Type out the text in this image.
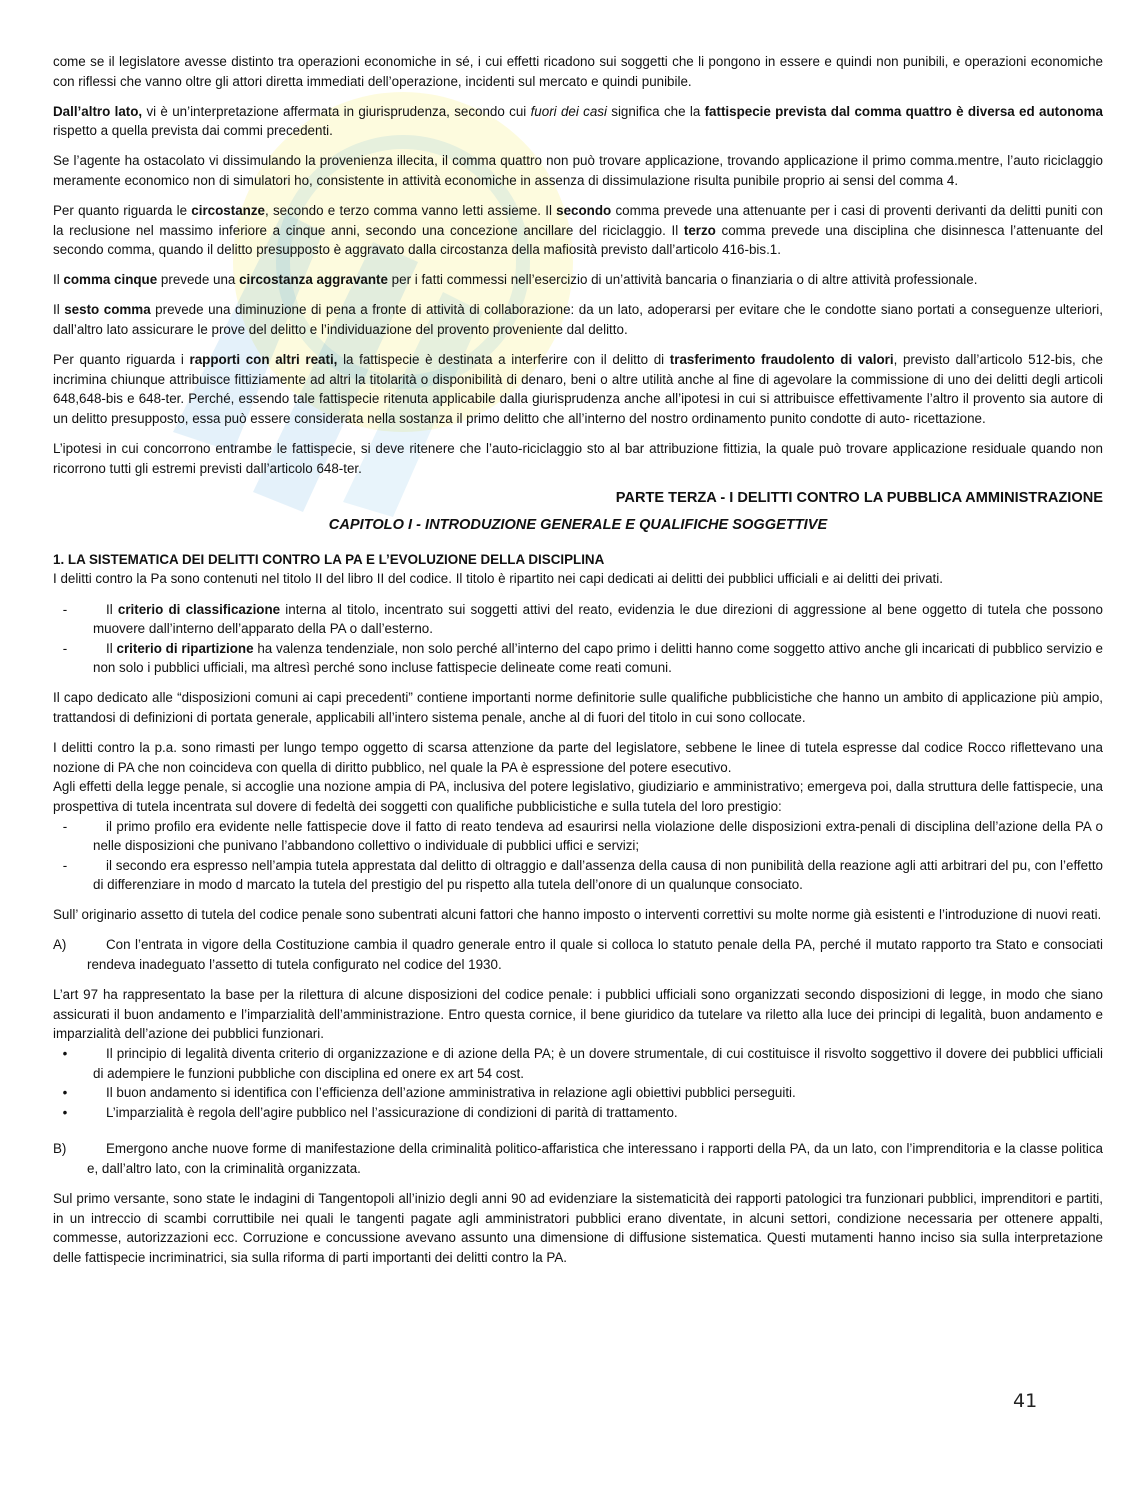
come se il legislatore avesse distinto tra operazioni economiche in sé, i cui effetti ricadono sui soggetti che li pongono in essere e quindi non punibili, e operazioni economiche con riflessi che vanno oltre gli attori diretta immediati dell’operazione, incidenti sul mercato e quindi punibile.

Dall’altro lato, vi è un’interpretazione affermata in giurisprudenza, secondo cui fuori dei casi significa che la fattispecie prevista dal comma quattro è diversa ed autonoma rispetto a quella prevista dai commi precedenti.

Se l’agente ha ostacolato vi dissimulando la provenienza illecita, il comma quattro non può trovare applicazione, trovando applicazione il primo comma.mentre, l’auto riciclaggio meramente economico non di simulatori ho, consistente in attività economiche in assenza di dissimulazione risulta punibile proprio ai sensi del comma 4.

Per quanto riguarda le circostanze, secondo e terzo comma vanno letti assieme. Il secondo comma prevede una attenuante per i casi di proventi derivanti da delitti puniti con la reclusione nel massimo inferiore a cinque anni, secondo una concezione ancillare del riciclaggio. Il terzo comma prevede una disciplina che disinnesca l’attenuante del secondo comma, quando il delitto presupposto è aggravato dalla circostanza della mafiosità previsto dall’articolo 416-bis.1.

Il comma cinque prevede una circostanza aggravante per i fatti commessi nell’esercizio di un’attività bancaria o finanziaria o di altre attività professionale.

Il sesto comma prevede una diminuzione di pena a fronte di attività di collaborazione: da un lato, adoperarsi per evitare che le condotte siano portati a conseguenze ulteriori, dall’altro lato assicurare le prove del delitto e l’individuazione del provento proveniente dal delitto.

Per quanto riguarda i rapporti con altri reati, la fattispecie è destinata a interferire con il delitto di trasferimento fraudolento di valori, previsto dall’articolo 512-bis, che incrimina chiunque attribuisce fittiziamente ad altri la titolarità o disponibilità di denaro, beni o altre utilità anche al fine di agevolare la commissione di uno dei delitti degli articoli 648,648-bis e 648-ter. Perché, essendo tale fattispecie ritenuta applicabile dalla giurisprudenza anche all’ipotesi in cui si attribuisce effettivamente l’altro il provento sia autore di un delitto presupposto, essa può essere considerata nella sostanza il primo delitto che all’interno del nostro ordinamento punito condotte di auto- ricettazione.

L’ipotesi in cui concorrono entrambe le fattispecie, si deve ritenere che l’auto-riciclaggio sto al bar attribuzione fittizia, la quale può trovare applicazione residuale quando non ricorrono tutti gli estremi previsti dall’articolo 648-ter.

PARTE TERZA - I DELITTI CONTRO LA PUBBLICA AMMINISTRAZIONE
CAPITOLO I - INTRODUZIONE GENERALE E QUALIFICHE SOGGETTIVE
1. LA SISTEMATICA DEI DELITTI CONTRO LA PA E L’EVOLUZIONE DELLA DISCIPLINA

I delitti contro la Pa sono contenuti nel titolo II del libro II del codice. Il titolo è ripartito nei capi dedicati ai delitti dei pubblici ufficiali e ai delitti dei privati.

-	Il criterio di classificazione interna al titolo, incentrato sui soggetti attivi del reato, evidenzia le due direzioni di aggressione al bene oggetto di tutela che possono muovere dall’interno dell’apparato della PA o dall’esterno.
-	Il criterio di ripartizione ha valenza tendenziale, non solo perché all’interno del capo primo i delitti hanno come soggetto attivo anche gli incaricati di pubblico servizio e non solo i pubblici ufficiali, ma altresì perché sono incluse fattispecie delineate come reati comuni.

Il capo dedicato alle “disposizioni comuni ai capi precedenti” contiene importanti norme definitorie sulle qualifiche pubblicistiche che hanno un ambito di applicazione più ampio, trattandosi di definizioni di portata generale, applicabili all’intero sistema penale, anche al di fuori del titolo in cui sono collocate.

I delitti contro la p.a. sono rimasti per lungo tempo oggetto di scarsa attenzione da parte del legislatore, sebbene le linee di tutela espresse dal codice Rocco riflettevano una nozione di PA che non coincideva con quella di diritto pubblico, nel quale la PA è espressione del potere esecutivo.

Agli effetti della legge penale, si accoglie una nozione ampia di PA, inclusiva del potere legislativo, giudiziario e amministrativo; emergeva poi, dalla struttura delle fattispecie, una prospettiva di tutela incentrata sul dovere di fedeltà dei soggetti con qualifiche pubblicistiche e sulla tutela del loro prestigio:

-	il primo profilo era evidente nelle fattispecie dove il fatto di reato tendeva ad esaurirsi nella violazione delle disposizioni extra-penali di disciplina dell’azione della PA o nelle disposizioni che punivano l’abbandono collettivo o individuale di pubblici uffici e servizi;
-	il secondo era espresso nell’ampia tutela apprestata dal delitto di oltraggio e dall’assenza della causa di non punibilità della reazione agli atti arbitrari del pu, con l’effetto di differenziare in modo d marcato la tutela del prestigio del pu rispetto alla tutela dell’onore di un qualunque consociato.

Sull’ originario assetto di tutela del codice penale sono subentrati alcuni fattori che hanno imposto o interventi correttivi su molte norme già esistenti e l’introduzione di nuovi reati.

A)	Con l’entrata in vigore della Costituzione cambia il quadro generale entro il quale si colloca lo statuto penale della PA, perché il mutato rapporto tra Stato e consociati rendeva inadeguato l’assetto di tutela configurato nel codice del 1930.

L’art 97 ha rappresentato la base per la rilettura di alcune disposizioni del codice penale: i pubblici ufficiali sono organizzati secondo disposizioni di legge, in modo che siano assicurati il buon andamento e l’imparzialità dell’amministrazione. Entro questa cornice, il bene giuridico da tutelare va riletto alla luce dei principi di legalità, buon andamento e imparzialità dell’azione dei pubblici funzionari.

•	Il principio di legalità diventa criterio di organizzazione e di azione della PA; è un dovere strumentale, di cui costituisce il risvolto soggettivo il dovere dei pubblici ufficiali di adempiere le funzioni pubbliche con disciplina ed onere ex art 54 cost.
•	Il buon andamento si identifica con l’efficienza dell’azione amministrativa in relazione agli obiettivi pubblici perseguiti.
•	L’imparzialità è regola dell’agire pubblico nel l’assicurazione di condizioni di parità di trattamento.
B)	Emergono anche nuove forme di manifestazione della criminalità politico-affaristica che interessano i rapporti della PA, da un lato, con l’imprenditoria e la classe politica e, dall’altro lato, con la criminalità organizzata.

Sul primo versante, sono state le indagini di Tangentopoli all’inizio degli anni 90 ad evidenziare la sistematicità dei rapporti patologici tra funzionari pubblici, imprenditori e partiti, in un intreccio di scambi corruttibile nei quali le tangenti pagate agli amministratori pubblici erano diventate, in alcuni settori, condizione necessaria per ottenere appalti, commesse, autorizzazioni ecc. Corruzione e concussione avevano assunto una dimensione di diffusione sistematica. Questi mutamenti hanno inciso sia sulla interpretazione delle fattispecie incriminatrici, sia sulla riforma di parti importanti dei delitti contro la PA.

41
